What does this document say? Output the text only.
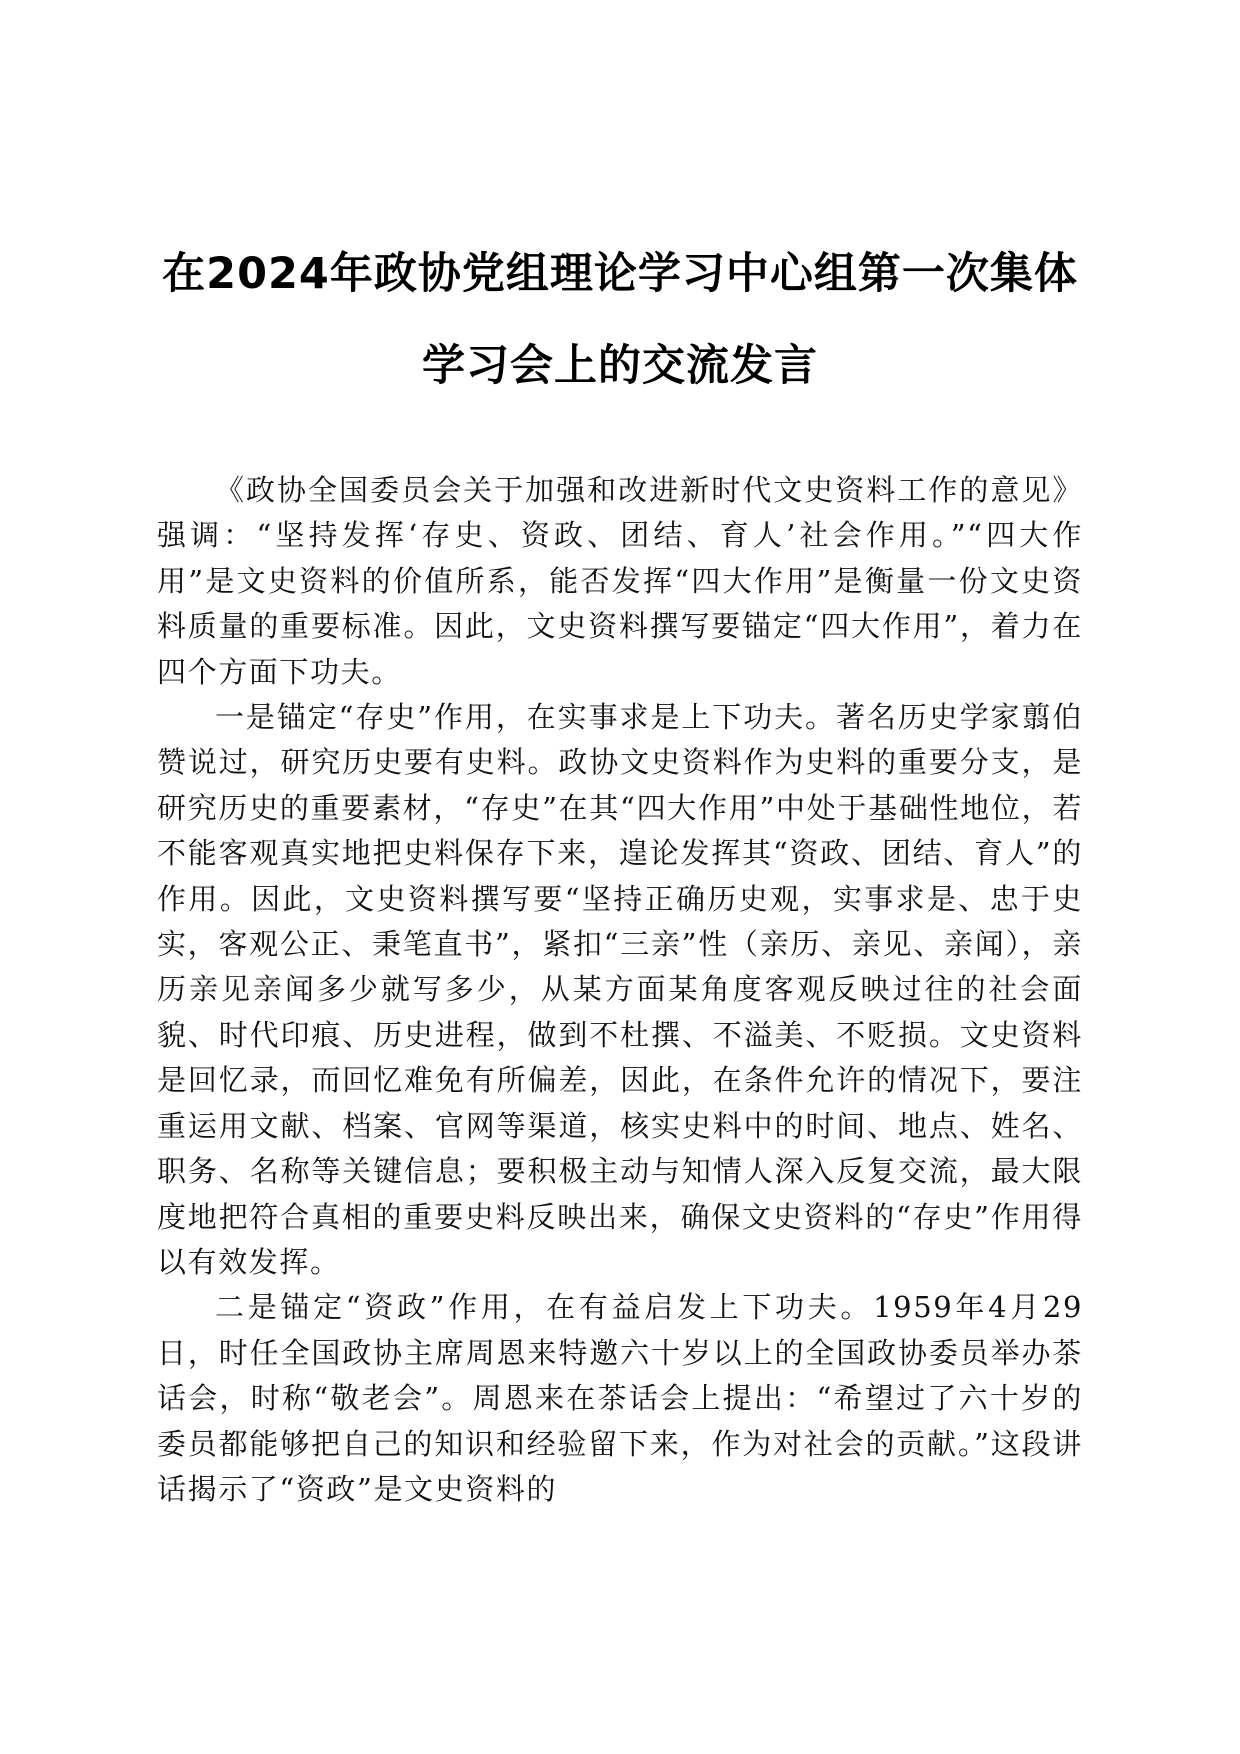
在2024年政协党组理论学习中心组第一次集体学习会上的交流发言

《政协全国委员会关于加强和改进新时代文史资料工作的意见》强调：“坚持发挥‘存史、资政、团结、育人’社会作用。”“四大作用”是文史资料的价值所系，能否发挥“四大作用”是衡量一份文史资料质量的重要标准。因此，文史资料撰写要锚定“四大作用”，着力在四个方面下功夫。

一是锚定“存史”作用，在实事求是上下功夫。著名历史学家翦伯赞说过，研究历史要有史料。政协文史资料作为史料的重要分支，是研究历史的重要素材，“存史”在其“四大作用”中处于基础性地位，若不能客观真实地把史料保存下来，遑论发挥其“资政、团结、育人”的作用。因此，文史资料撰写要“坚持正确历史观，实事求是、忠于史实，客观公正、秉笔直书”，紧扣“三亲”性（亲历、亲见、亲闻），亲历亲见亲闻多少就写多少，从某方面某角度客观反映过往的社会面貌、时代印痕、历史进程，做到不杜撰、不溢美、不贬损。文史资料是回忆录，而回忆难免有所偏差，因此，在条件允许的情况下，要注重运用文献、档案、官网等渠道，核实史料中的时间、地点、姓名、职务、名称等关键信息；要积极主动与知情人深入反复交流，最大限度地把符合真相的重要史料反映出来，确保文史资料的“存史”作用得以有效发挥。

二是锚定“资政”作用，在有益启发上下功夫。1959年4月29日，时任全国政协主席周恩来特邀六十岁以上的全国政协委员举办茶话会，时称“敬老会”。周恩来在茶话会上提出：“希望过了六十岁的委员都能够把自己的知识和经验留下来，作为对社会的贡献。”这段讲话揭示了“资政”是文史资料的
